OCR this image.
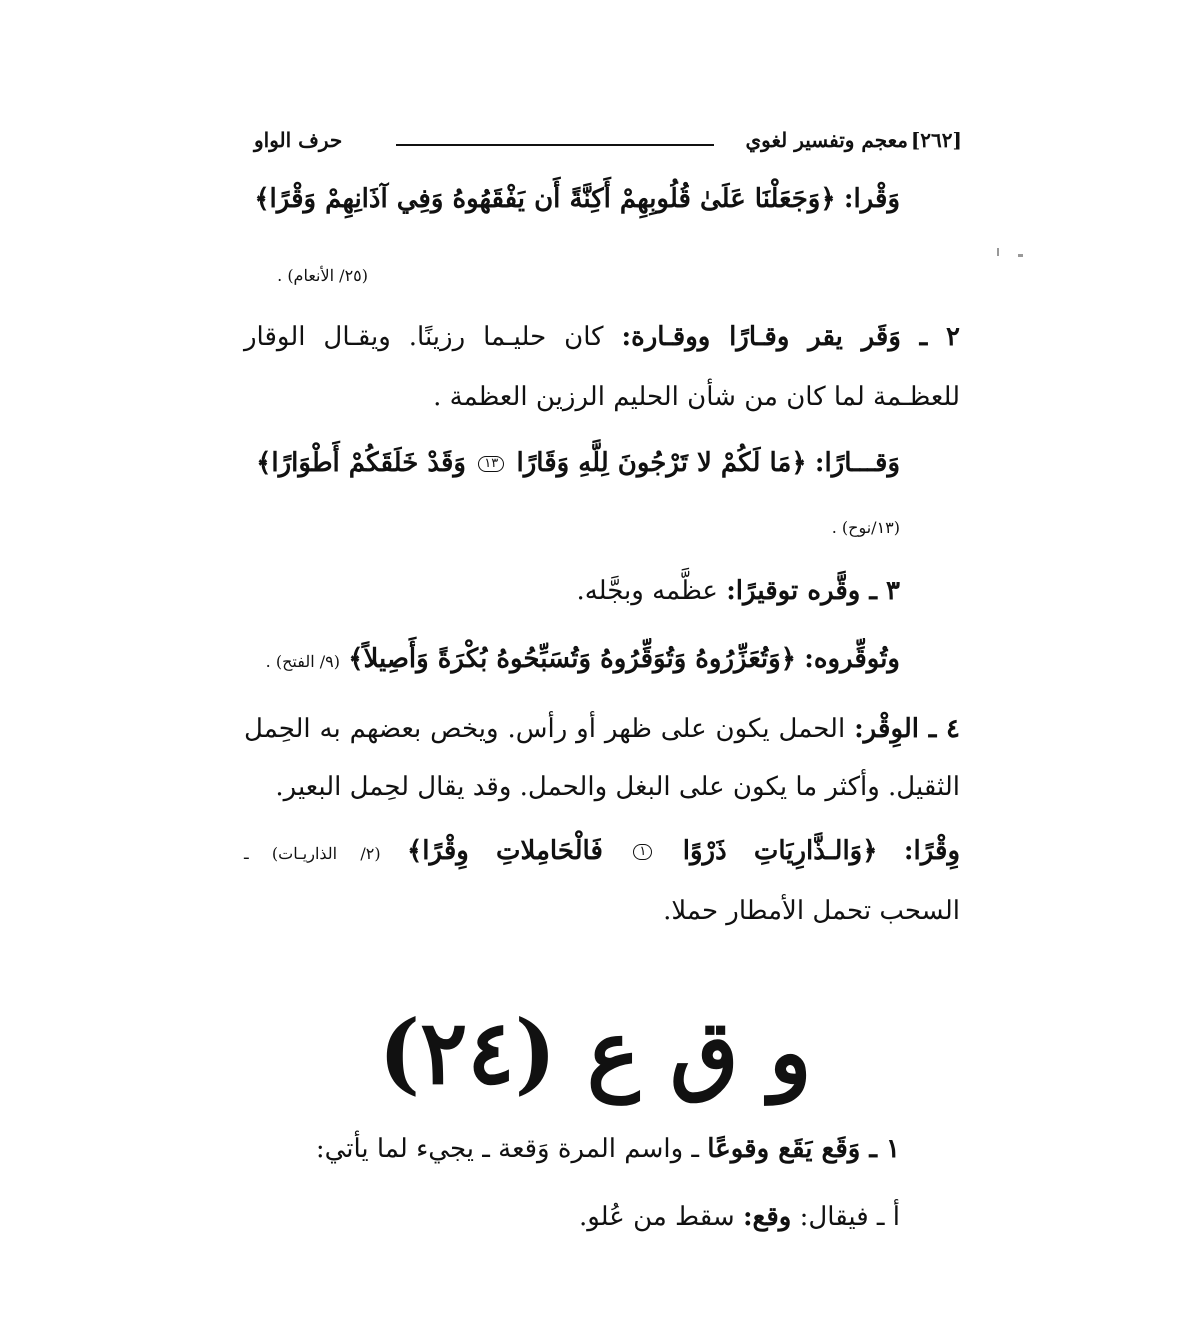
[٢٦٢]
معجم وتفسير لغوي
حرف الواو
وَقْرا: ﴿وَجَعَلْنَا عَلَىٰ قُلُوبِهِمْ أَكِنَّةً أَن يَفْقَهُوهُ وَفِي آذَانِهِمْ وَقْرًا﴾
(٢٥/ الأنعام) .
٢ ـ وَقَر يقر وقـارًا ووقـارة: كان حليـما رزينًا. ويقـال الوقار
للعظـمة لما كان من شأن الحليم الرزين العظمة .
وَقـــارًا: ﴿مَا لَكُمْ لا تَرْجُونَ لِلَّهِ وَقَارًا ١٣ وَقَدْ خَلَقَكُمْ أَطْوَارًا﴾
(١٣/نوح) .
٣ ـ وقَّره توقيرًا: عظَّمه وبجَّله.
وتُوقِّروه: ﴿وَتُعَزِّرُوهُ وَتُوَقِّرُوهُ وَتُسَبِّحُوهُ بُكْرَةً وَأَصِيلاً﴾ (٩/ الفتح) .
٤ ـ الوِقْر: الحمل يكون على ظهر أو رأس. ويخص بعضهم به الحِمل
الثقيل. وأكثر ما يكون على البغل والحمل. وقد يقال لحِمل البعير.
وِقْرًا: ﴿وَالـذَّارِيَاتِ ذَرْوًا ١ فَالْحَامِلاتِ وِقْرًا﴾ (٢/ الذاريـات) ـ
السحب تحمل الأمطار حملا.
و ق ع (٢٤)
١ ـ وَقَع يَقَع وقوعًا ـ واسم المرة وَقعة ـ يجيء لما يأتي:
أ ـ فيقال: وقع: سقط من عُلو.
